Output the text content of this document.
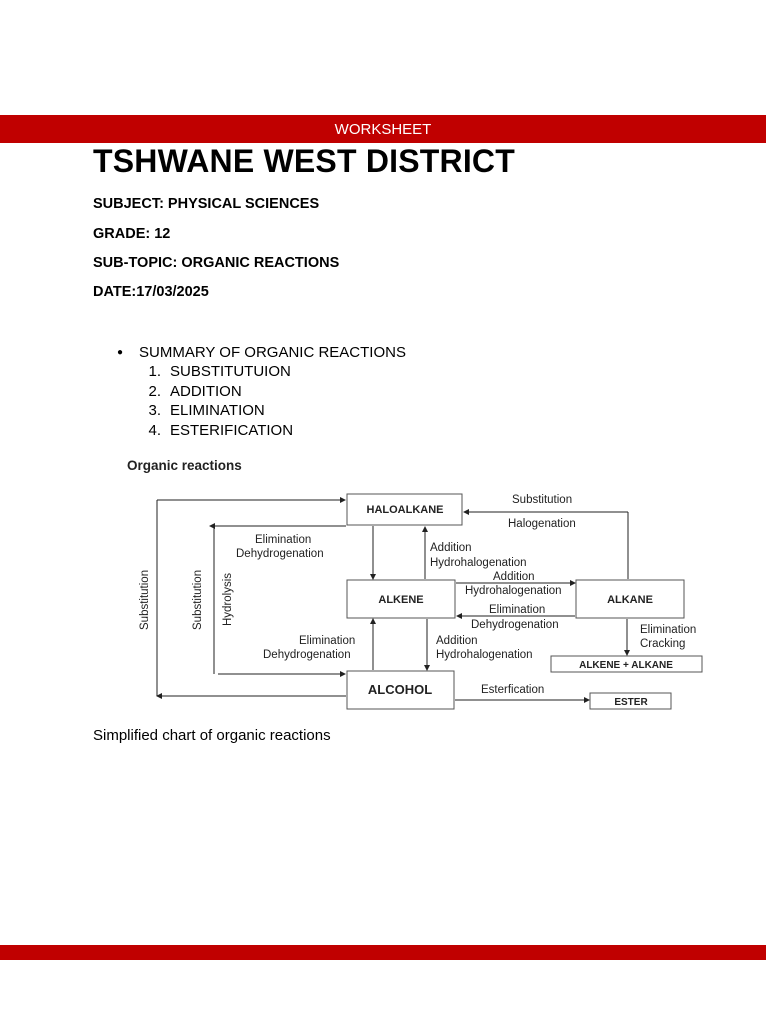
WORKSHEET
TSHWANE WEST DISTRICT

SUBJECT: PHYSICAL SCIENCES

GRADE: 12

SUB-TOPIC: ORGANIC REACTIONS

DATE:17/03/2025

●	SUMMARY OF ORGANIC REACTIONS
1. SUBSTITUTUION
2. ADDITION
3. ELIMINATION
4. ESTERIFICATION
Organic reactions
HALOALKANE
ALKENE	ALKANE
ALCOHOL
ALKENE + ALKANE
ESTER
Substitution
Halogenation
Elimination
Dehydrogenation	Addition
Hydrohalogenation
Addition
Hydrohalogenation
Elimination
Dehydrogenation	Elimination
Cracking
Elimination
Dehydrogenation
Addition
Hydrohalogenation
Esterfication
Substitution	Substitution Hydrolysis

Simplified chart of organic reactions
